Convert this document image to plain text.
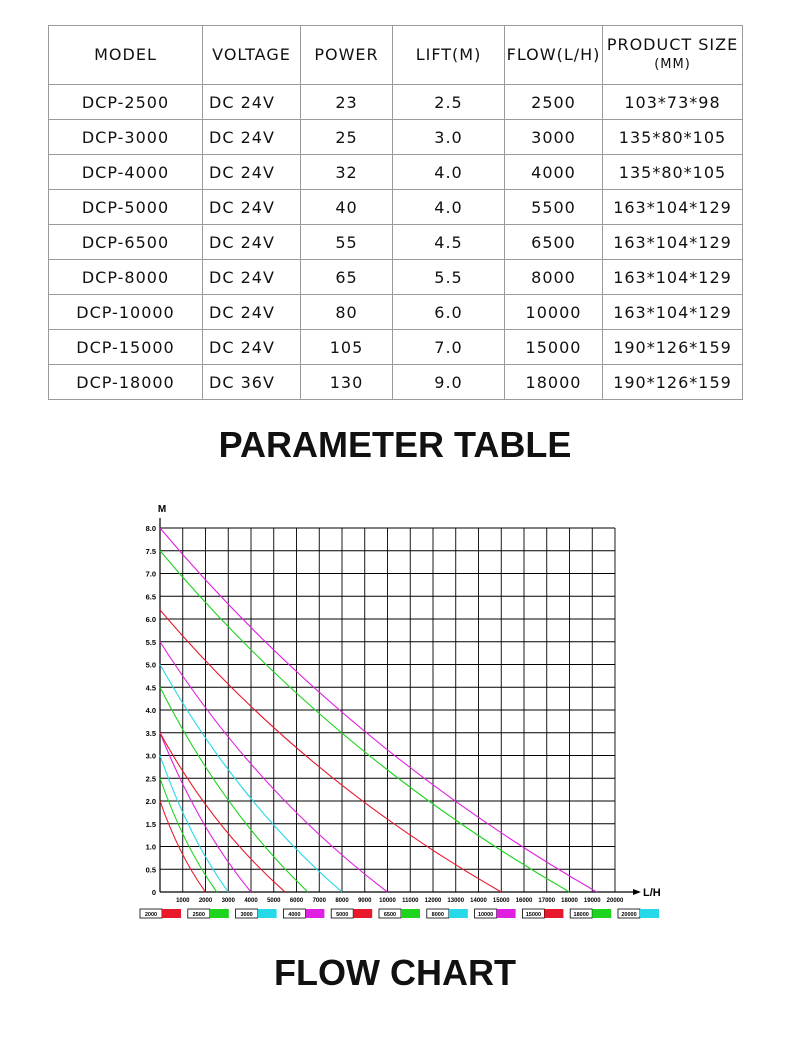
MODEL	VOLTAGE	POWER	LIFT(M)	FLOW(L/H)	PRODUCT SIZE
(MM)

DCP-2500	DC 24V	23	2.5	2500	103*73*98
DCP-3000	DC 24V	25	3.0	3000	135*80*105
DCP-4000	DC 24V	32	4.0	4000	135*80*105
DCP-5000	DC 24V	40	4.0	5500	163*104*129
DCP-6500	DC 24V	55	4.5	6500	163*104*129
DCP-8000	DC 24V	65	5.5	8000	163*104*129
DCP-10000	DC 24V	80	6.0	10000	163*104*129
DCP-15000	DC 24V	105	7.0	15000	190*126*159
DCP-18000	DC 36V	130	9.0	18000	190*126*159
PARAMETER TABLE
L/H
M
0
0.5
1.0
1.5
2.0
2.5
3.0
3.5
4.0
4.5
5.0
5.5
6.0
6.5
7.0
7.5
8.0
1000 2000 3000 4000 5000 6000 7000 8000 9000 10000 11000 12000 13000 14000 15000 16000 17000 18000 19000 20000
2000	2500	3000	4000	5000	6500	8000	10000	15000	18000	20000
FLOW CHART
